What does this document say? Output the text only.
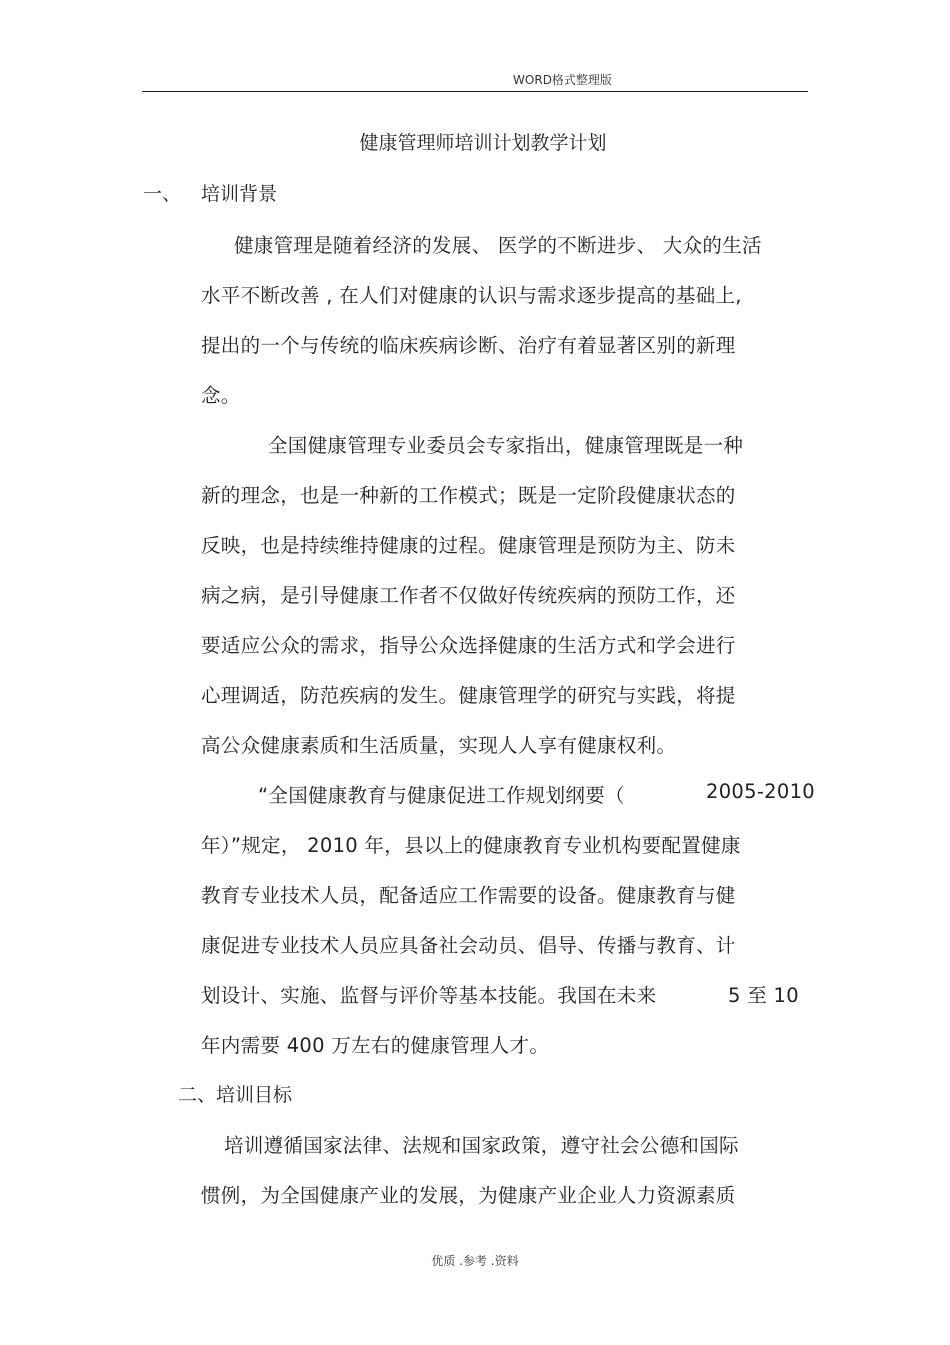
WORD格式整理版
健康管理师培训计划教学计划
一、 培训背景
健康管理是随着经济的发展、 医学的不断进步、 大众的生活
水平不断改善 , 在人们对健康的认识与需求逐步提高的基础上,
提出的一个与传统的临床疾病诊断、治疗有着显著区别的新理
念。
全国健康管理专业委员会专家指出，健康管理既是一种
新的理念，也是一种新的工作模式；既是一定阶段健康状态的
反映，也是持续维持健康的过程。健康管理是预防为主、防未
病之病，是引导健康工作者不仅做好传统疾病的预防工作，还
要适应公众的需求，指导公众选择健康的生活方式和学会进行
心理调适，防范疾病的发生。健康管理学的研究与实践，将提
高公众健康素质和生活质量，实现人人享有健康权利。
“全国健康教育与健康促进工作规划纲要（	2005-2010
年）”规定， 2010 年，县以上的健康教育专业机构要配置健康
教育专业技术人员，配备适应工作需要的设备。健康教育与健
康促进专业技术人员应具备社会动员、倡导、传播与教育、计
划设计、实施、监督与评价等基本技能。我国在未来	5 至 10
年内需要 400 万左右的健康管理人才。
二、培训目标
培训遵循国家法律、法规和国家政策，遵守社会公德和国际
惯例，为全国健康产业的发展，为健康产业企业人力资源素质
优质 .参考 .资料
